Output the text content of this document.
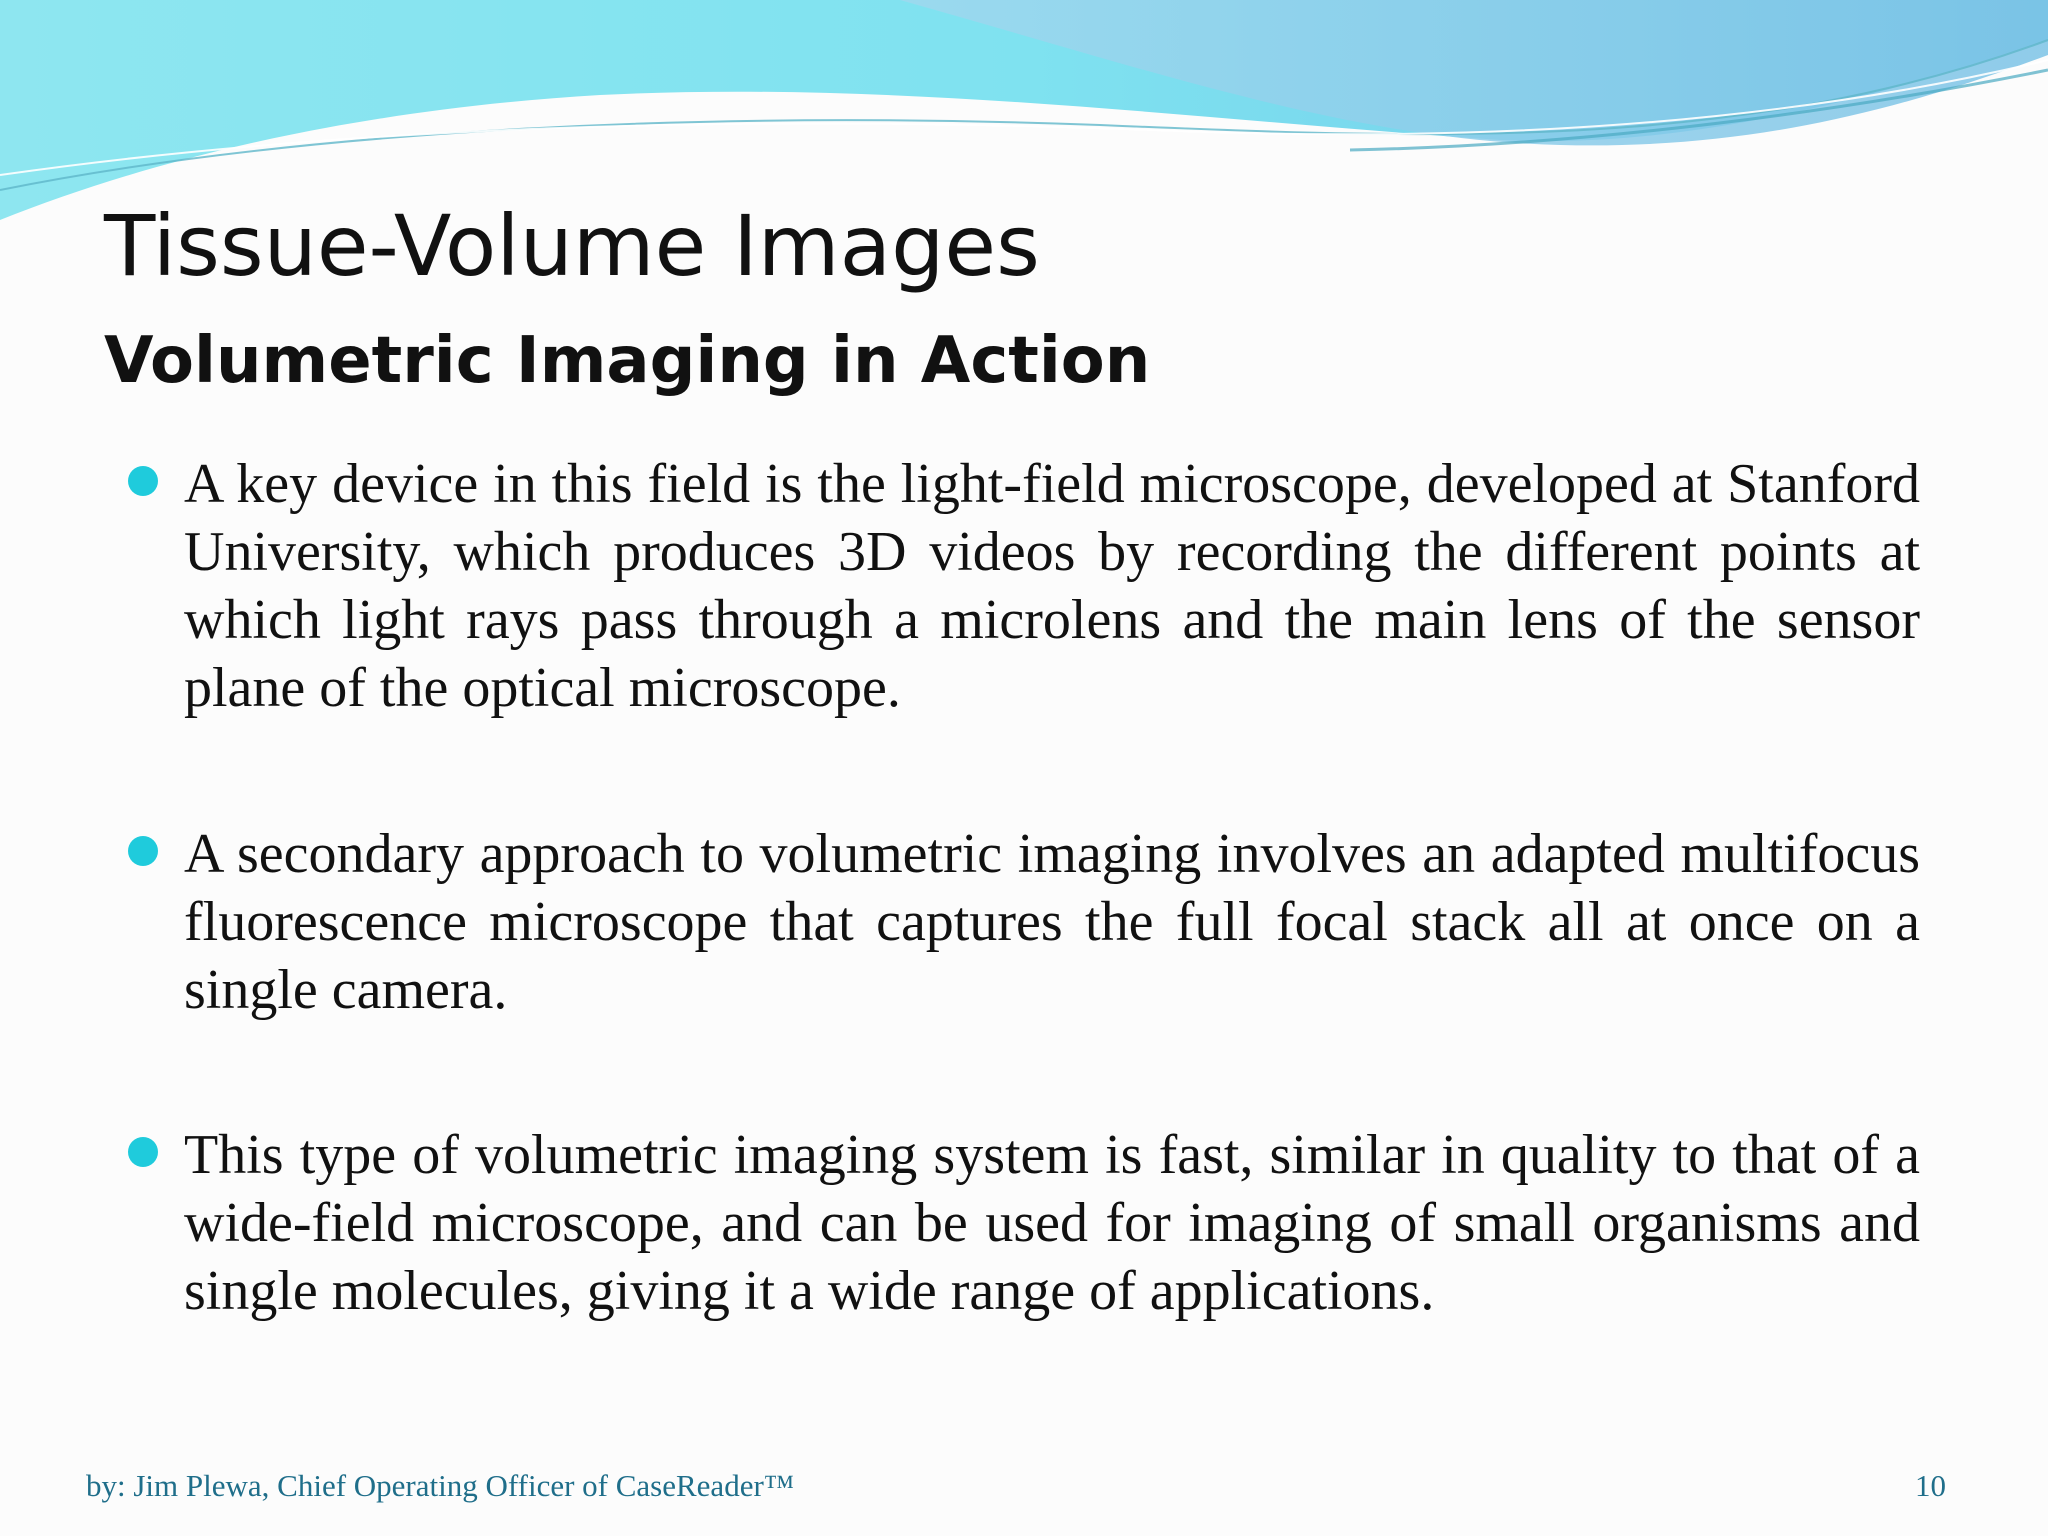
Tissue-Volume Images
Volumetric Imaging in Action

A key device in this field is the light-field microscope, developed at Stanford University, which produces 3D videos by recording the different points at which light rays pass through a microlens and the main lens of the sensor plane of the optical microscope.

A secondary approach to volumetric imaging involves an adapted multifocus fluorescence microscope that captures the full focal stack all at once on a single camera.

This type of volumetric imaging system is fast, similar in quality to that of a wide-field microscope, and can be used for imaging of small organisms and single molecules, giving it a wide range of applications.

by: Jim Plewa, Chief Operating Officer of CaseReader™	10
